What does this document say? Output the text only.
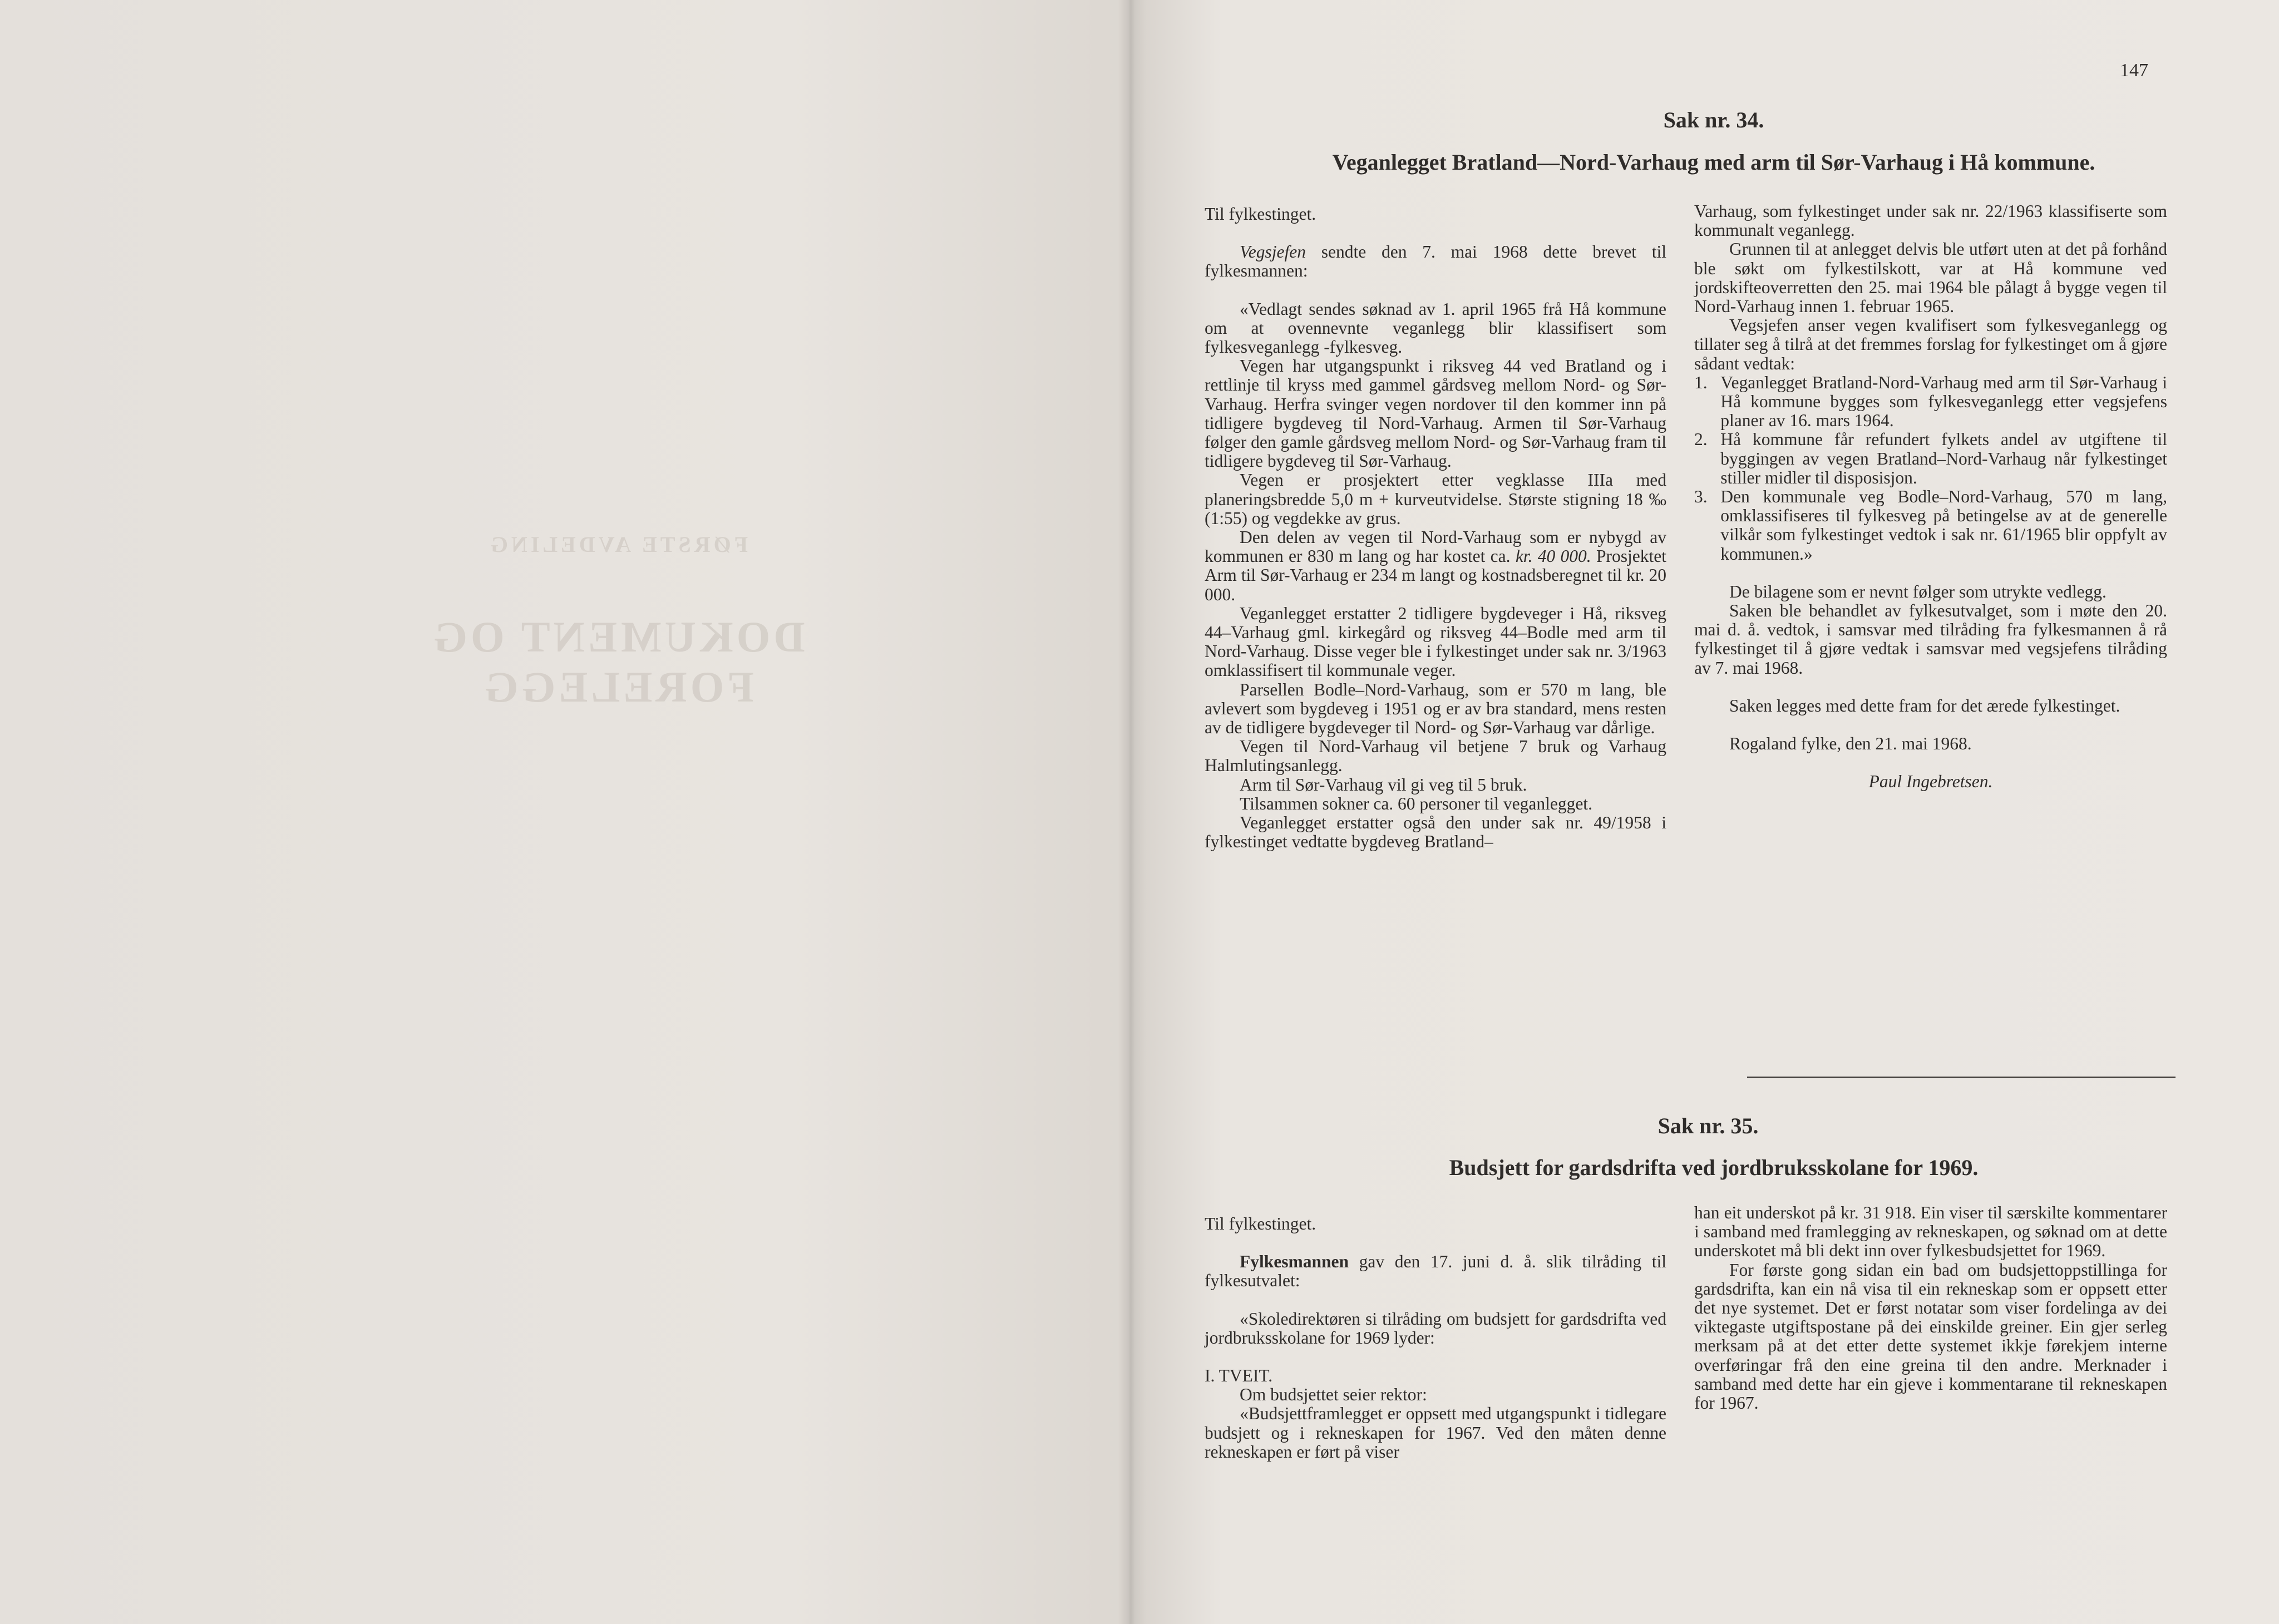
FØRSTE AVDELING
DOKUMENT OG FORELEGG
147
Sak nr. 34.
Veganlegget Bratland—Nord-Varhaug med arm til Sør-Varhaug i Hå kommune.

Til fylkestinget.

Vegsjefen sendte den 7. mai 1968 dette brevet til fylkesmannen:

«Vedlagt sendes søknad av 1. april 1965 frå Hå kommune om at ovennevnte veganlegg blir klassifisert som fylkesveganlegg -fylkesveg.

Vegen har utgangspunkt i riksveg 44 ved Bratland og i rettlinje til kryss med gammel gårdsveg mellom Nord- og Sør-Varhaug. Herfra svinger vegen nordover til den kommer inn på tidligere bygdeveg til Nord-Varhaug. Armen til Sør-Varhaug følger den gamle gårdsveg mellom Nord- og Sør-Varhaug fram til tidligere bygdeveg til Sør-Varhaug.

Vegen er prosjektert etter vegklasse IIIa med planeringsbredde 5,0 m + kurveutvidelse. Største stigning 18 ‰ (1:55) og vegdekke av grus.

Den delen av vegen til Nord-Varhaug som er nybygd av kommunen er 830 m lang og har kostet ca. kr. 40 000. Prosjektet Arm til Sør-Varhaug er 234 m langt og kostnadsberegnet til kr. 20 000.

Veganlegget erstatter 2 tidligere bygdeveger i Hå, riksveg 44–Varhaug gml. kirkegård og riksveg 44–Bodle med arm til Nord-Varhaug. Disse veger ble i fylkestinget under sak nr. 3/1963 omklassifisert til kommunale veger.

Parsellen Bodle–Nord-Varhaug, som er 570 m lang, ble avlevert som bygdeveg i 1951 og er av bra standard, mens resten av de tidligere bygdeveger til Nord- og Sør-Varhaug var dårlige.

Vegen til Nord-Varhaug vil betjene 7 bruk og Varhaug Halmlutingsanlegg.

Arm til Sør-Varhaug vil gi veg til 5 bruk.

Tilsammen sokner ca. 60 personer til veganlegget.

Veganlegget erstatter også den under sak nr. 49/1958 i fylkestinget vedtatte bygdeveg Bratland–

Varhaug, som fylkestinget under sak nr. 22/1963 klassifiserte som kommunalt veganlegg.

Grunnen til at anlegget delvis ble utført uten at det på forhånd ble søkt om fylkestilskott, var at Hå kommune ved jordskifteoverretten den 25. mai 1964 ble pålagt å bygge vegen til Nord-Varhaug innen 1. februar 1965.

Vegsjefen anser vegen kvalifisert som fylkesveganlegg og tillater seg å tilrå at det fremmes forslag for fylkestinget om å gjøre sådant vedtak:

1. Veganlegget Bratland-Nord-Varhaug med arm til Sør-Varhaug i Hå kommune bygges som fylkesveganlegg etter vegsjefens planer av 16. mars 1964.
2. Hå kommune får refundert fylkets andel av utgiftene til byggingen av vegen Bratland–Nord-Varhaug når fylkestinget stiller midler til disposisjon.
3. Den kommunale veg Bodle–Nord-Varhaug, 570 m lang, omklassifiseres til fylkesveg på betingelse av at de generelle vilkår som fylkestinget vedtok i sak nr. 61/1965 blir oppfylt av kommunen.»

De bilagene som er nevnt følger som utrykte vedlegg.

Saken ble behandlet av fylkesutvalget, som i møte den 20. mai d. å. vedtok, i samsvar med tilråding fra fylkesmannen å rå fylkestinget til å gjøre vedtak i samsvar med vegsjefens tilråding av 7. mai 1968.

Saken legges med dette fram for det ærede fylkestinget.

Rogaland fylke, den 21. mai 1968.

Paul Ingebretsen.

Sak nr. 35.
Budsjett for gardsdrifta ved jordbruksskolane for 1969.

Til fylkestinget.

Fylkesmannen gav den 17. juni d. å. slik tilråding til fylkesutvalet:

«Skoledirektøren si tilråding om budsjett for gardsdrifta ved jordbruksskolane for 1969 lyder:

I. TVEIT.

Om budsjettet seier rektor:

«Budsjettframlegget er oppsett med utgangspunkt i tidlegare budsjett og i rekneskapen for 1967. Ved den måten denne rekneskapen er ført på viser

han eit underskot på kr. 31 918. Ein viser til særskilte kommentarer i samband med framlegging av rekneskapen, og søknad om at dette underskotet må bli dekt inn over fylkesbudsjettet for 1969.

For første gong sidan ein bad om budsjettoppstillinga for gardsdrifta, kan ein nå visa til ein rekneskap som er oppsett etter det nye systemet. Det er først notatar som viser fordelinga av dei viktegaste utgiftspostane på dei einskilde greiner. Ein gjer serleg merksam på at det etter dette systemet ikkje førekjem interne overføringar frå den eine greina til den andre. Merknader i samband med dette har ein gjeve i kommentarane til rekneskapen for 1967.
